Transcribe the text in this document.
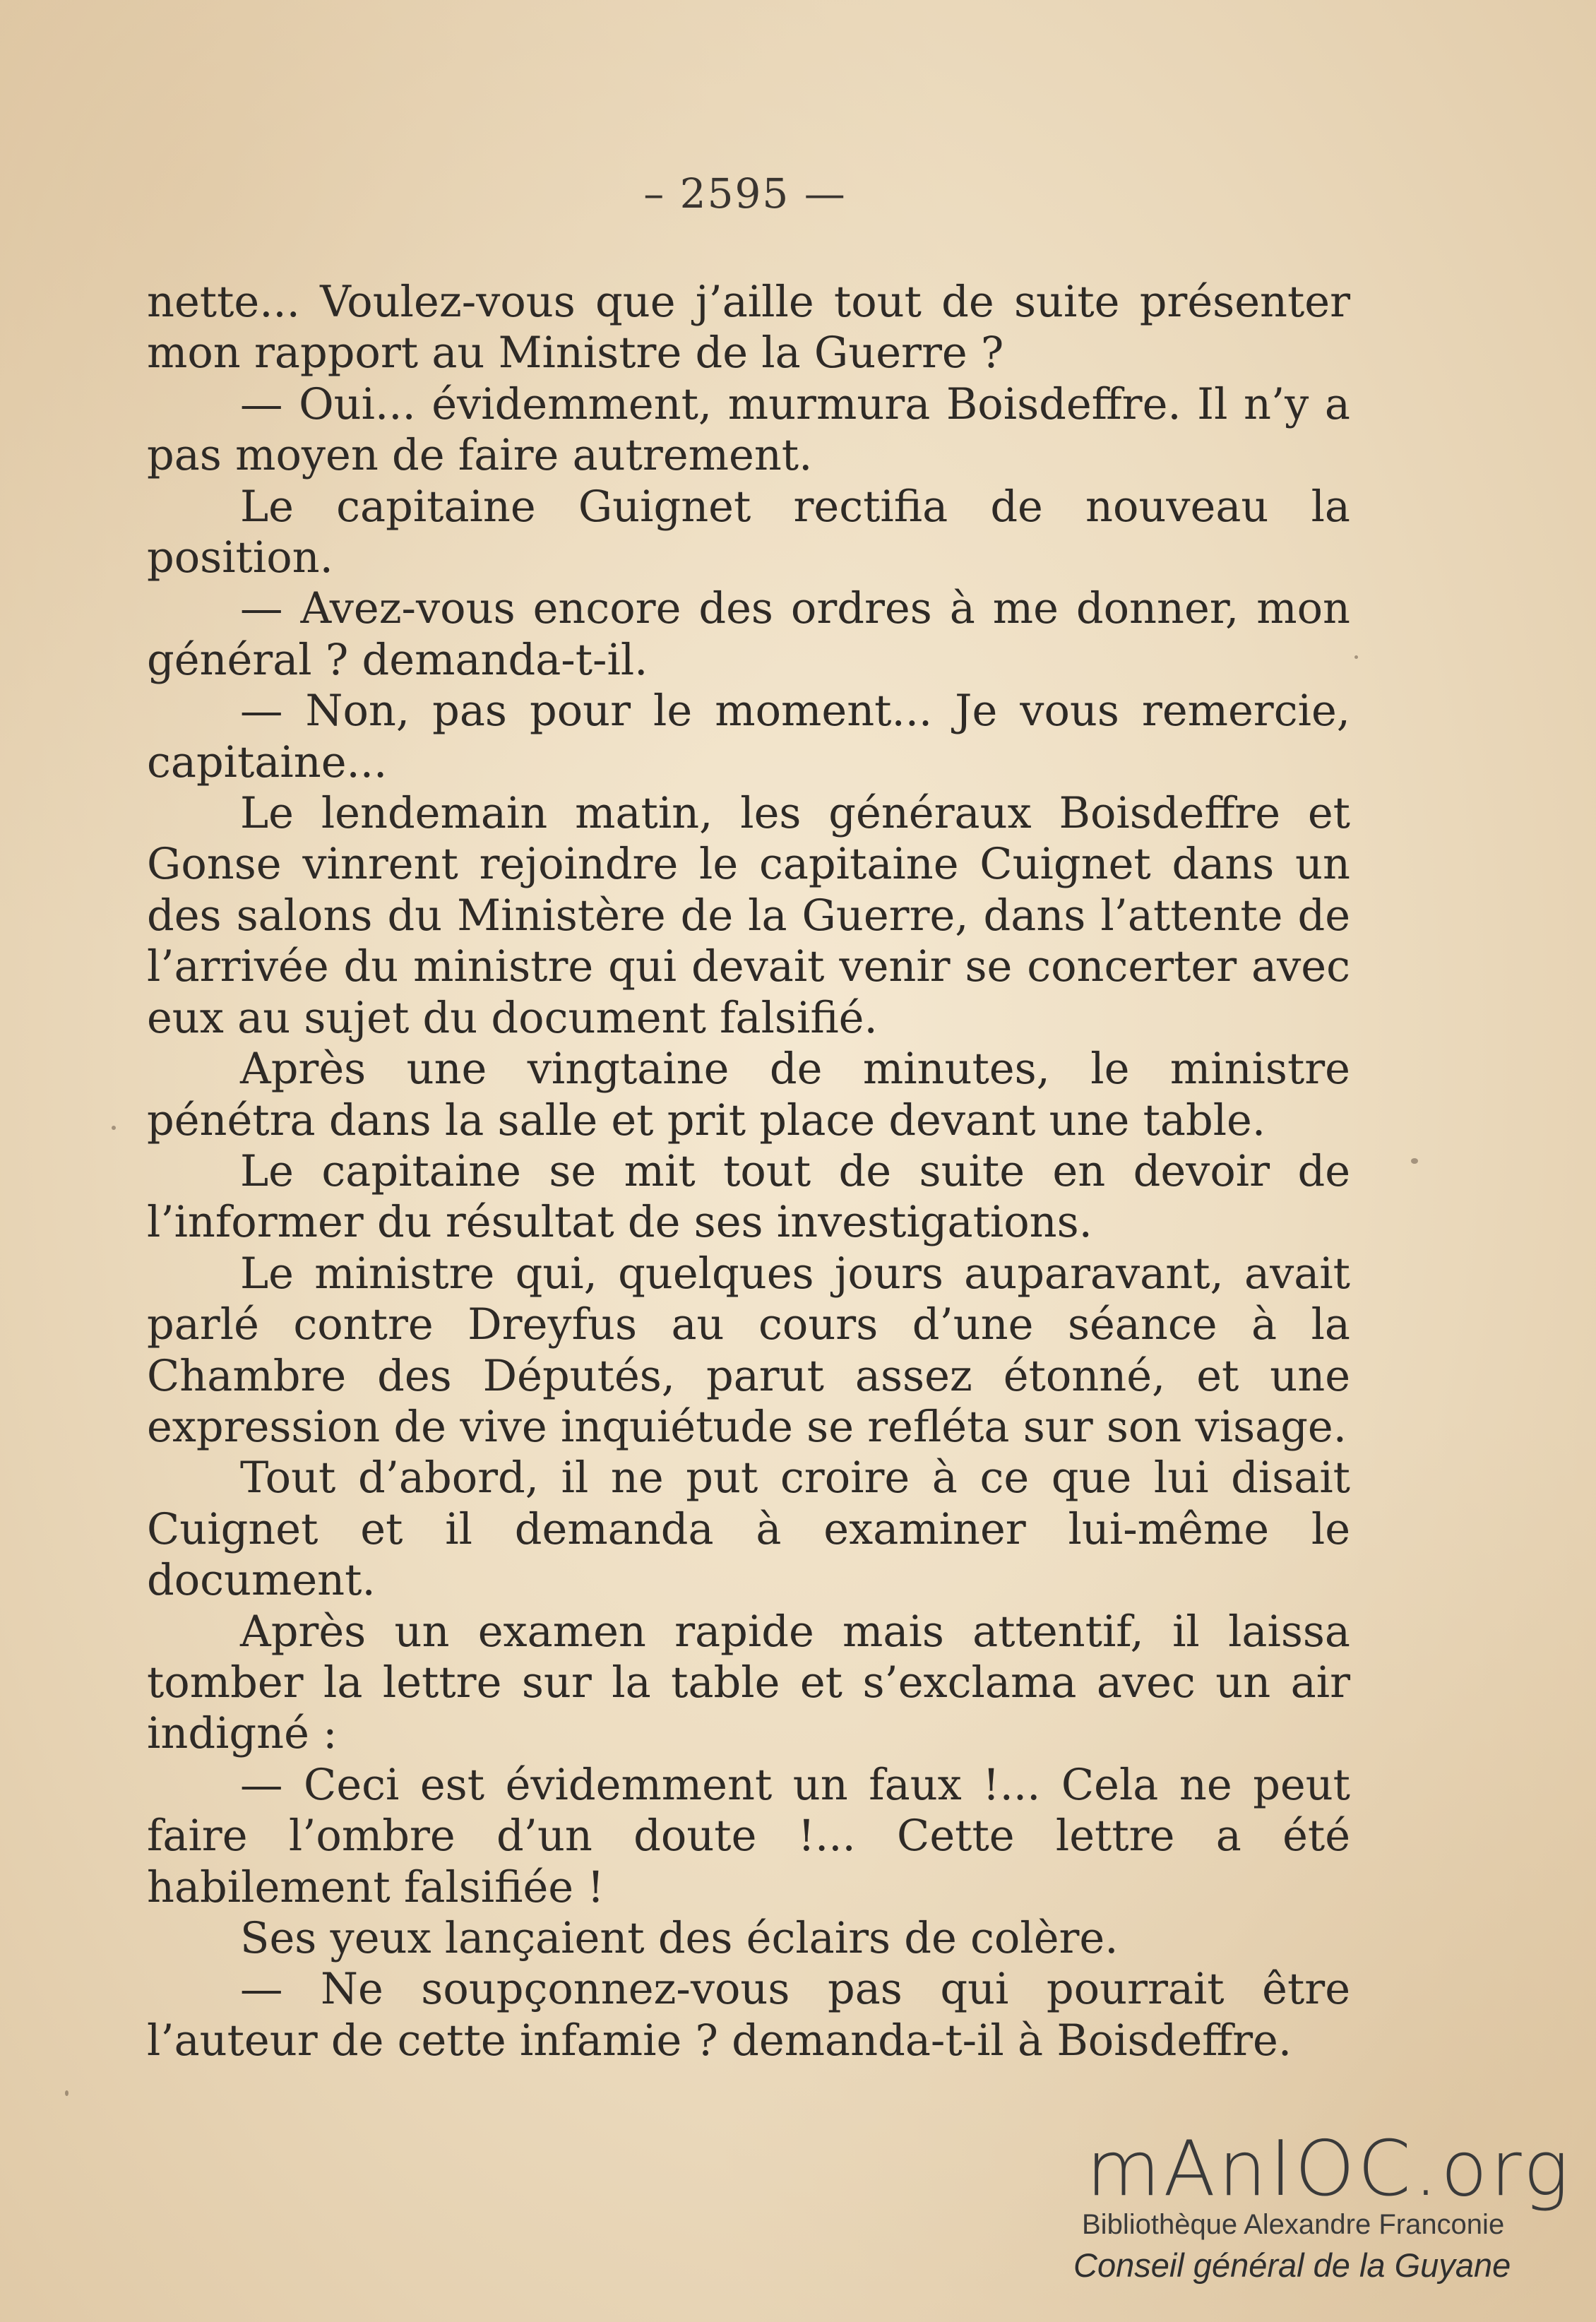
– 2595 —

nette... Voulez-vous que j’aille tout de suite présenter mon rapport au Ministre de la Guerre ?

— Oui... évidemment, murmura Boisdeffre. Il n’y a pas moyen de faire autrement.

Le capitaine Guignet rectifia de nouveau la position.

— Avez-vous encore des ordres à me donner, mon général ? demanda-t-il.

— Non, pas pour le moment... Je vous remercie, capitaine...

Le lendemain matin, les généraux Boisdeffre et Gonse vinrent rejoindre le capitaine Cuignet dans un des salons du Ministère de la Guerre, dans l’attente de l’arrivée du ministre qui devait venir se concerter avec eux au sujet du document falsifié.

Après une vingtaine de minutes, le ministre pénétra dans la salle et prit place devant une table.

Le capitaine se mit tout de suite en devoir de l’informer du résultat de ses investigations.

Le ministre qui, quelques jours auparavant, avait parlé contre Dreyfus au cours d’une séance à la Chambre des Députés, parut assez étonné, et une expression de vive inquiétude se refléta sur son visage.

Tout d’abord, il ne put croire à ce que lui disait Cuignet et il demanda à examiner lui-même le document.

Après un examen rapide mais attentif, il laissa tomber la lettre sur la table et s’exclama avec un air indigné :

— Ceci est évidemment un faux !... Cela ne peut faire l’ombre d’un doute !... Cette lettre a été habilement falsifiée !

Ses yeux lançaient des éclairs de colère.

— Ne soupçonnez-vous pas qui pourrait être l’auteur de cette infamie ? demanda-t-il à Boisdeffre.

mAnIOC.org
Bibliothèque Alexandre Franconie
Conseil général de la Guyane
